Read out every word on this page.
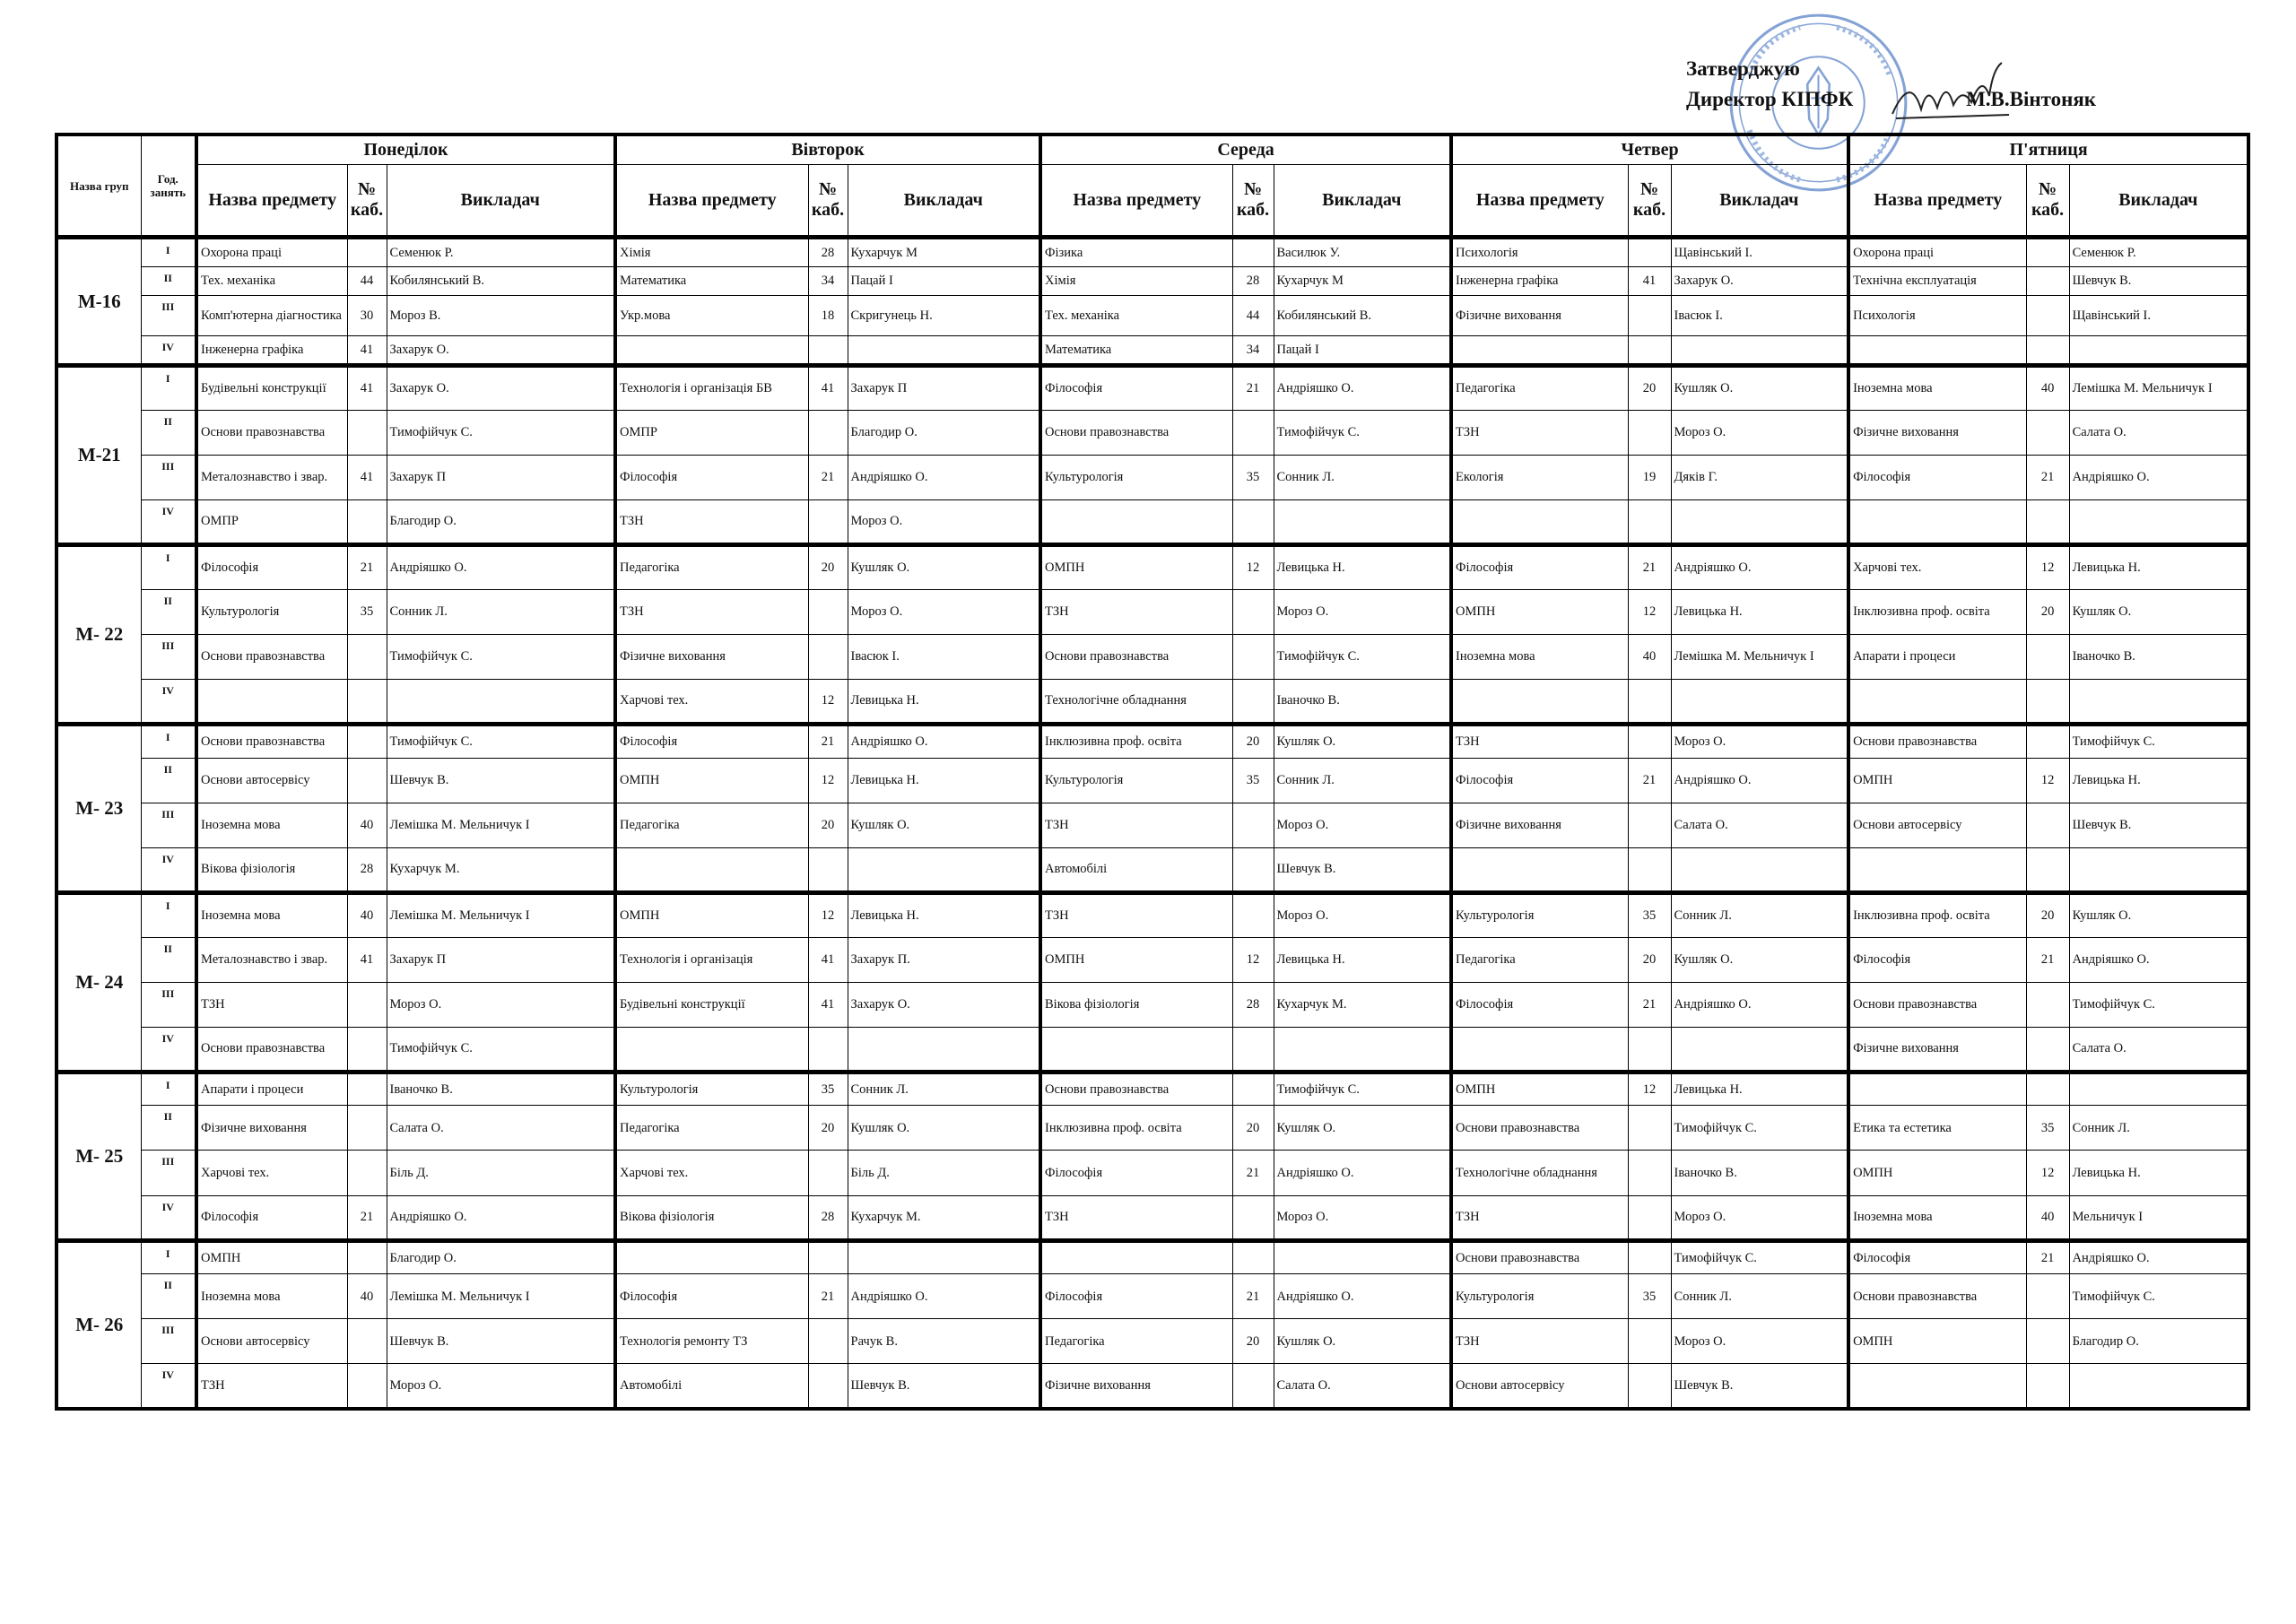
Затверджую
Директор КІПФК	М.В.Вінтоняк
Назва груп	Год. занять	Понеділок			Вівторок			Середа			Четвер			П'ятниця		
		Назва предмету	№ каб.	Викладач	Назва предмету	№ каб.	Викладач	Назва предмету	№ каб.	Викладач	Назва предмету	№ каб.	Викладач	Назва предмету	№ каб.	Викладач
М-16	I	Охорона праці		Семенюк Р.	Хімія	28	Кухарчук М	Фізика		Василюк У.	Психологія		Щавінський І.	Охорона праці		Семенюк Р.
	II	Тех. механіка	44	Кобилянський В.	Математика	34	Пацай І	Хімія	28	Кухарчук М	Інженерна графіка	41	Захарук О.	Технічна експлуатація		Шевчук В.
	III	Комп'ютерна діагностика	30	Мороз В.	Укр.мова	18	Скригунець Н.	Тех. механіка	44	Кобилянський В.	Фізичне виховання		Івасюк І.	Психологія		Щавінський І.
	IV	Інженерна графіка	41	Захарук О.				Математика	34	Пацай І						
М-21	I	Будівельні конструкції	41	Захарук О.	Технологія і організація БВ	41	Захарук П	Філософія	21	Андріяшко О.	Педагогіка	20	Кушляк О.	Іноземна мова	40	Лемішка М. Мельничук І
	II	Основи правознавства		Тимофійчук С.	ОМПР		Благодир О.	Основи правознавства		Тимофійчук С.	ТЗН		Мороз О.	Фізичне виховання		Салата О.
	III	Металознавство і звар.	41	Захарук П	Філософія	21	Андріяшко О.	Культурологія	35	Сонник Л.	Екологія	19	Дяків Г.	Філософія	21	Андріяшко О.
	IV	ОМПР		Благодир О.	ТЗН		Мороз О.									
М- 22	I	Філософія	21	Андріяшко О.	Педагогіка	20	Кушляк О.	ОМПН	12	Левицька Н.	Філософія	21	Андріяшко О.	Харчові тех.	12	Левицька Н.
	II	Культурологія	35	Сонник Л.	ТЗН		Мороз О.	ТЗН		Мороз О.	ОМПН	12	Левицька Н.	Інклюзивна проф. освіта	20	Кушляк О.
	III	Основи правознавства		Тимофійчук С.	Фізичне виховання		Івасюк І.	Основи правознавства		Тимофійчук С.	Іноземна мова	40	Лемішка М. Мельничук І	Апарати і процеси		Іваночко В.
	IV				Харчові тех.	12	Левицька Н.	Технологічне обладнання		Іваночко В.						
М- 23	I	Основи правознавства		Тимофійчук С.	Філософія	21	Андріяшко О.	Інклюзивна проф. освіта	20	Кушляк О.	ТЗН		Мороз О.	Основи правознавства		Тимофійчук С.
	II	Основи автосервісу		Шевчук В.	ОМПН	12	Левицька Н.	Культурологія	35	Сонник Л.	Філософія	21	Андріяшко О.	ОМПН	12	Левицька Н.
	III	Іноземна мова	40	Лемішка М. Мельничук І	Педагогіка	20	Кушляк О.	ТЗН		Мороз О.	Фізичне виховання		Салата О.	Основи автосервісу		Шевчук В.
	IV	Вікова фізіологія	28	Кухарчук М.				Автомобілі		Шевчук В.						
М- 24	I	Іноземна мова	40	Лемішка М. Мельничук І	ОМПН	12	Левицька Н.	ТЗН		Мороз О.	Культурологія	35	Сонник Л.	Інклюзивна проф. освіта	20	Кушляк О.
	II	Металознавство і звар.	41	Захарук П	Технологія і організація	41	Захарук П.	ОМПН	12	Левицька Н.	Педагогіка	20	Кушляк О.	Філософія	21	Андріяшко О.
	III	ТЗН		Мороз О.	Будівельні конструкції	41	Захарук О.	Вікова фізіологія	28	Кухарчук М.	Філософія	21	Андріяшко О.	Основи правознавства		Тимофійчук С.
	IV	Основи правознавства		Тимофійчук С.										Фізичне виховання		Салата О.
М- 25	I	Апарати і процеси		Іваночко В.	Культурологія	35	Сонник Л.	Основи правознавства		Тимофійчук С.	ОМПН	12	Левицька Н.			
	II	Фізичне виховання		Салата О.	Педагогіка	20	Кушляк О.	Інклюзивна проф. освіта	20	Кушляк О.	Основи правознавства		Тимофійчук С.	Етика та естетика	35	Сонник Л.
	III	Харчові тех.		Біль Д.	Харчові тех.		Біль Д.	Філософія	21	Андріяшко О.	Технологічне обладнання		Іваночко В.	ОМПН	12	Левицька Н.
	IV	Філософія	21	Андріяшко О.	Вікова фізіологія	28	Кухарчук М.	ТЗН		Мороз О.	ТЗН		Мороз О.	Іноземна мова	40	Мельничук І
М- 26	I	ОМПН		Благодир О.							Основи правознавства		Тимофійчук С.	Філософія	21	Андріяшко О.
	II	Іноземна мова	40	Лемішка М. Мельничук І	Філософія	21	Андріяшко О.	Філософія	21	Андріяшко О.	Культурологія	35	Сонник Л.	Основи правознавства		Тимофійчук С.
	III	Основи автосервісу		Шевчук В.	Технологія ремонту ТЗ		Рачук В.	Педагогіка	20	Кушляк О.	ТЗН		Мороз О.	ОМПН		Благодир О.
	IV	ТЗН		Мороз О.	Автомобілі		Шевчук В.	Фізичне виховання		Салата О.	Основи автосервісу		Шевчук В.			
